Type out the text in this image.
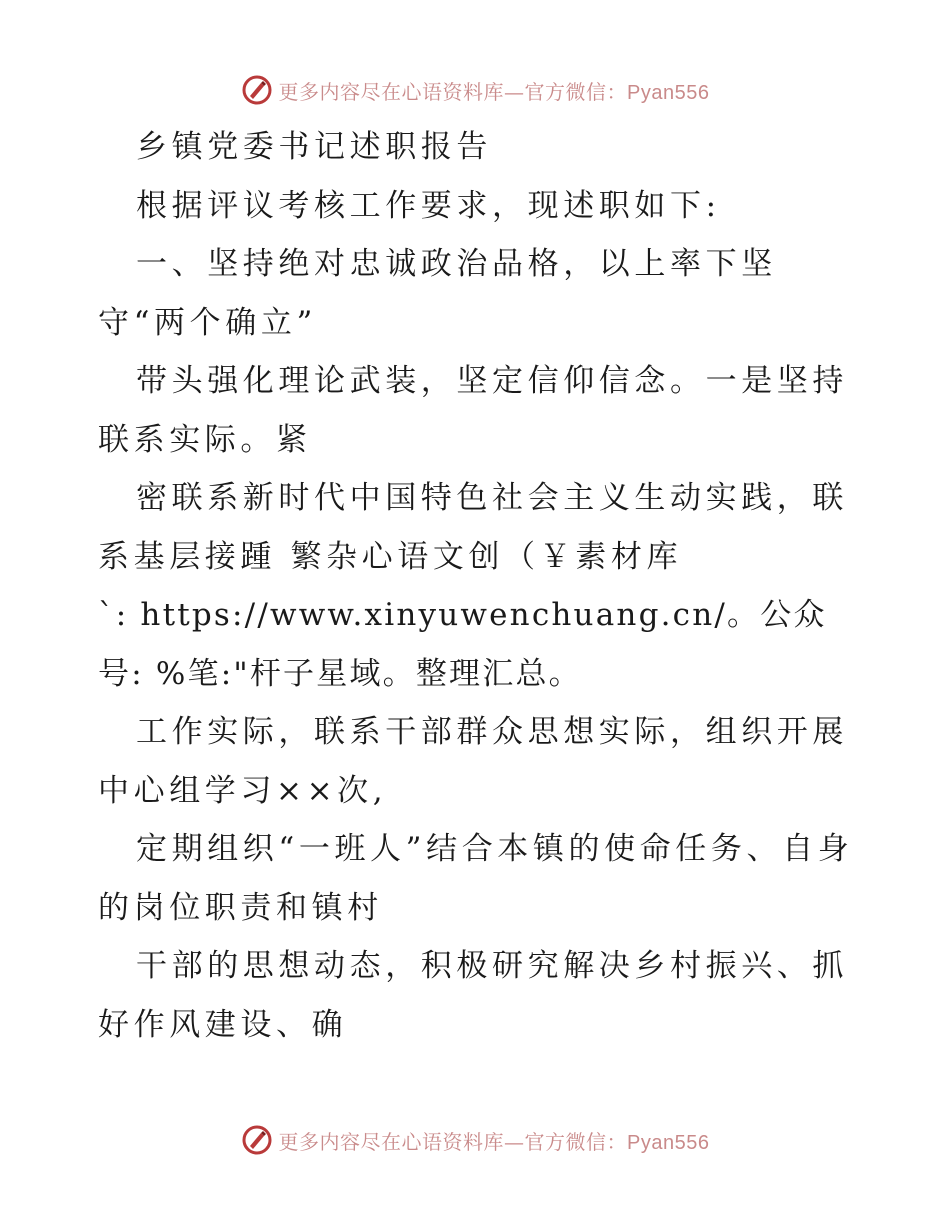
更多内容尽在心语资料库—官方微信：Pyan556

乡镇党委书记述职报告

根据评议考核工作要求，现述职如下:

一、坚持绝对忠诚政治品格，以上率下坚守“两个确立”

带头强化理论武装，坚定信仰信念。一是坚持联系实际。紧

密联系新时代中国特色社会主义生动实践，联系基层接踵 繁杂心语文创（￥素材库

`: https://www.xinyuwenchuang.cn/。公众号: %笔:"杆子星域。整理汇总。

工作实际，联系干部群众思想实际，组织开展中心组学习××次,

定期组织“一班人”结合本镇的使命任务、自身的岗位职责和镇村

干部的思想动态，积极研究解决乡村振兴、抓好作风建设、确

更多内容尽在心语资料库—官方微信：Pyan556
